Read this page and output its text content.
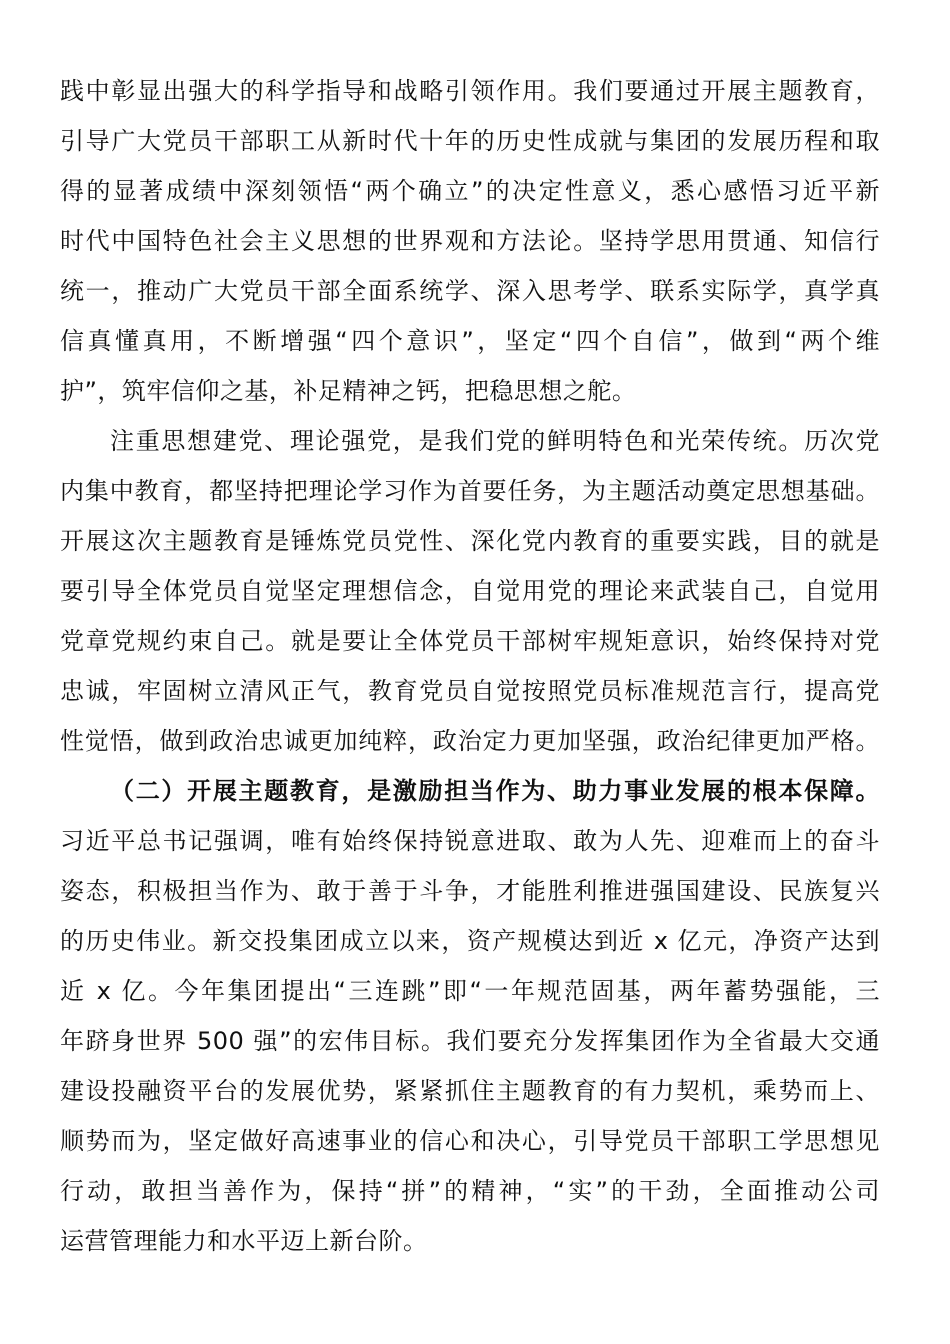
践中彰显出强大的科学指导和战略引领作用。我们要通过开展主题教育，
引导广大党员干部职工从新时代十年的历史性成就与集团的发展历程和取
得的显著成绩中深刻领悟“两个确立”的决定性意义，悉心感悟习近平新
时代中国特色社会主义思想的世界观和方法论。坚持学思用贯通、知信行
统一，推动广大党员干部全面系统学、深入思考学、联系实际学，真学真
信真懂真用，不断增强“四个意识”，坚定“四个自信”，做到“两个维
护”，筑牢信仰之基，补足精神之钙，把稳思想之舵。
注重思想建党、理论强党，是我们党的鲜明特色和光荣传统。历次党
内集中教育，都坚持把理论学习作为首要任务，为主题活动奠定思想基础。
开展这次主题教育是锤炼党员党性、深化党内教育的重要实践，目的就是
要引导全体党员自觉坚定理想信念，自觉用党的理论来武装自己，自觉用
党章党规约束自己。就是要让全体党员干部树牢规矩意识，始终保持对党
忠诚，牢固树立清风正气，教育党员自觉按照党员标准规范言行，提高党
性觉悟，做到政治忠诚更加纯粹，政治定力更加坚强，政治纪律更加严格。
（二）开展主题教育，是激励担当作为、助力事业发展的根本保障。
习近平总书记强调，唯有始终保持锐意进取、敢为人先、迎难而上的奋斗
姿态，积极担当作为、敢于善于斗争，才能胜利推进强国建设、民族复兴
的历史伟业。新交投集团成立以来，资产规模达到近 x 亿元，净资产达到
近 x 亿。今年集团提出“三连跳”即“一年规范固基，两年蓄势强能，三
年跻身世界 500 强”的宏伟目标。我们要充分发挥集团作为全省最大交通
建设投融资平台的发展优势，紧紧抓住主题教育的有力契机，乘势而上、
顺势而为，坚定做好高速事业的信心和决心，引导党员干部职工学思想见
行动，敢担当善作为，保持“拼”的精神，“实”的干劲，全面推动公司
运营管理能力和水平迈上新台阶。
